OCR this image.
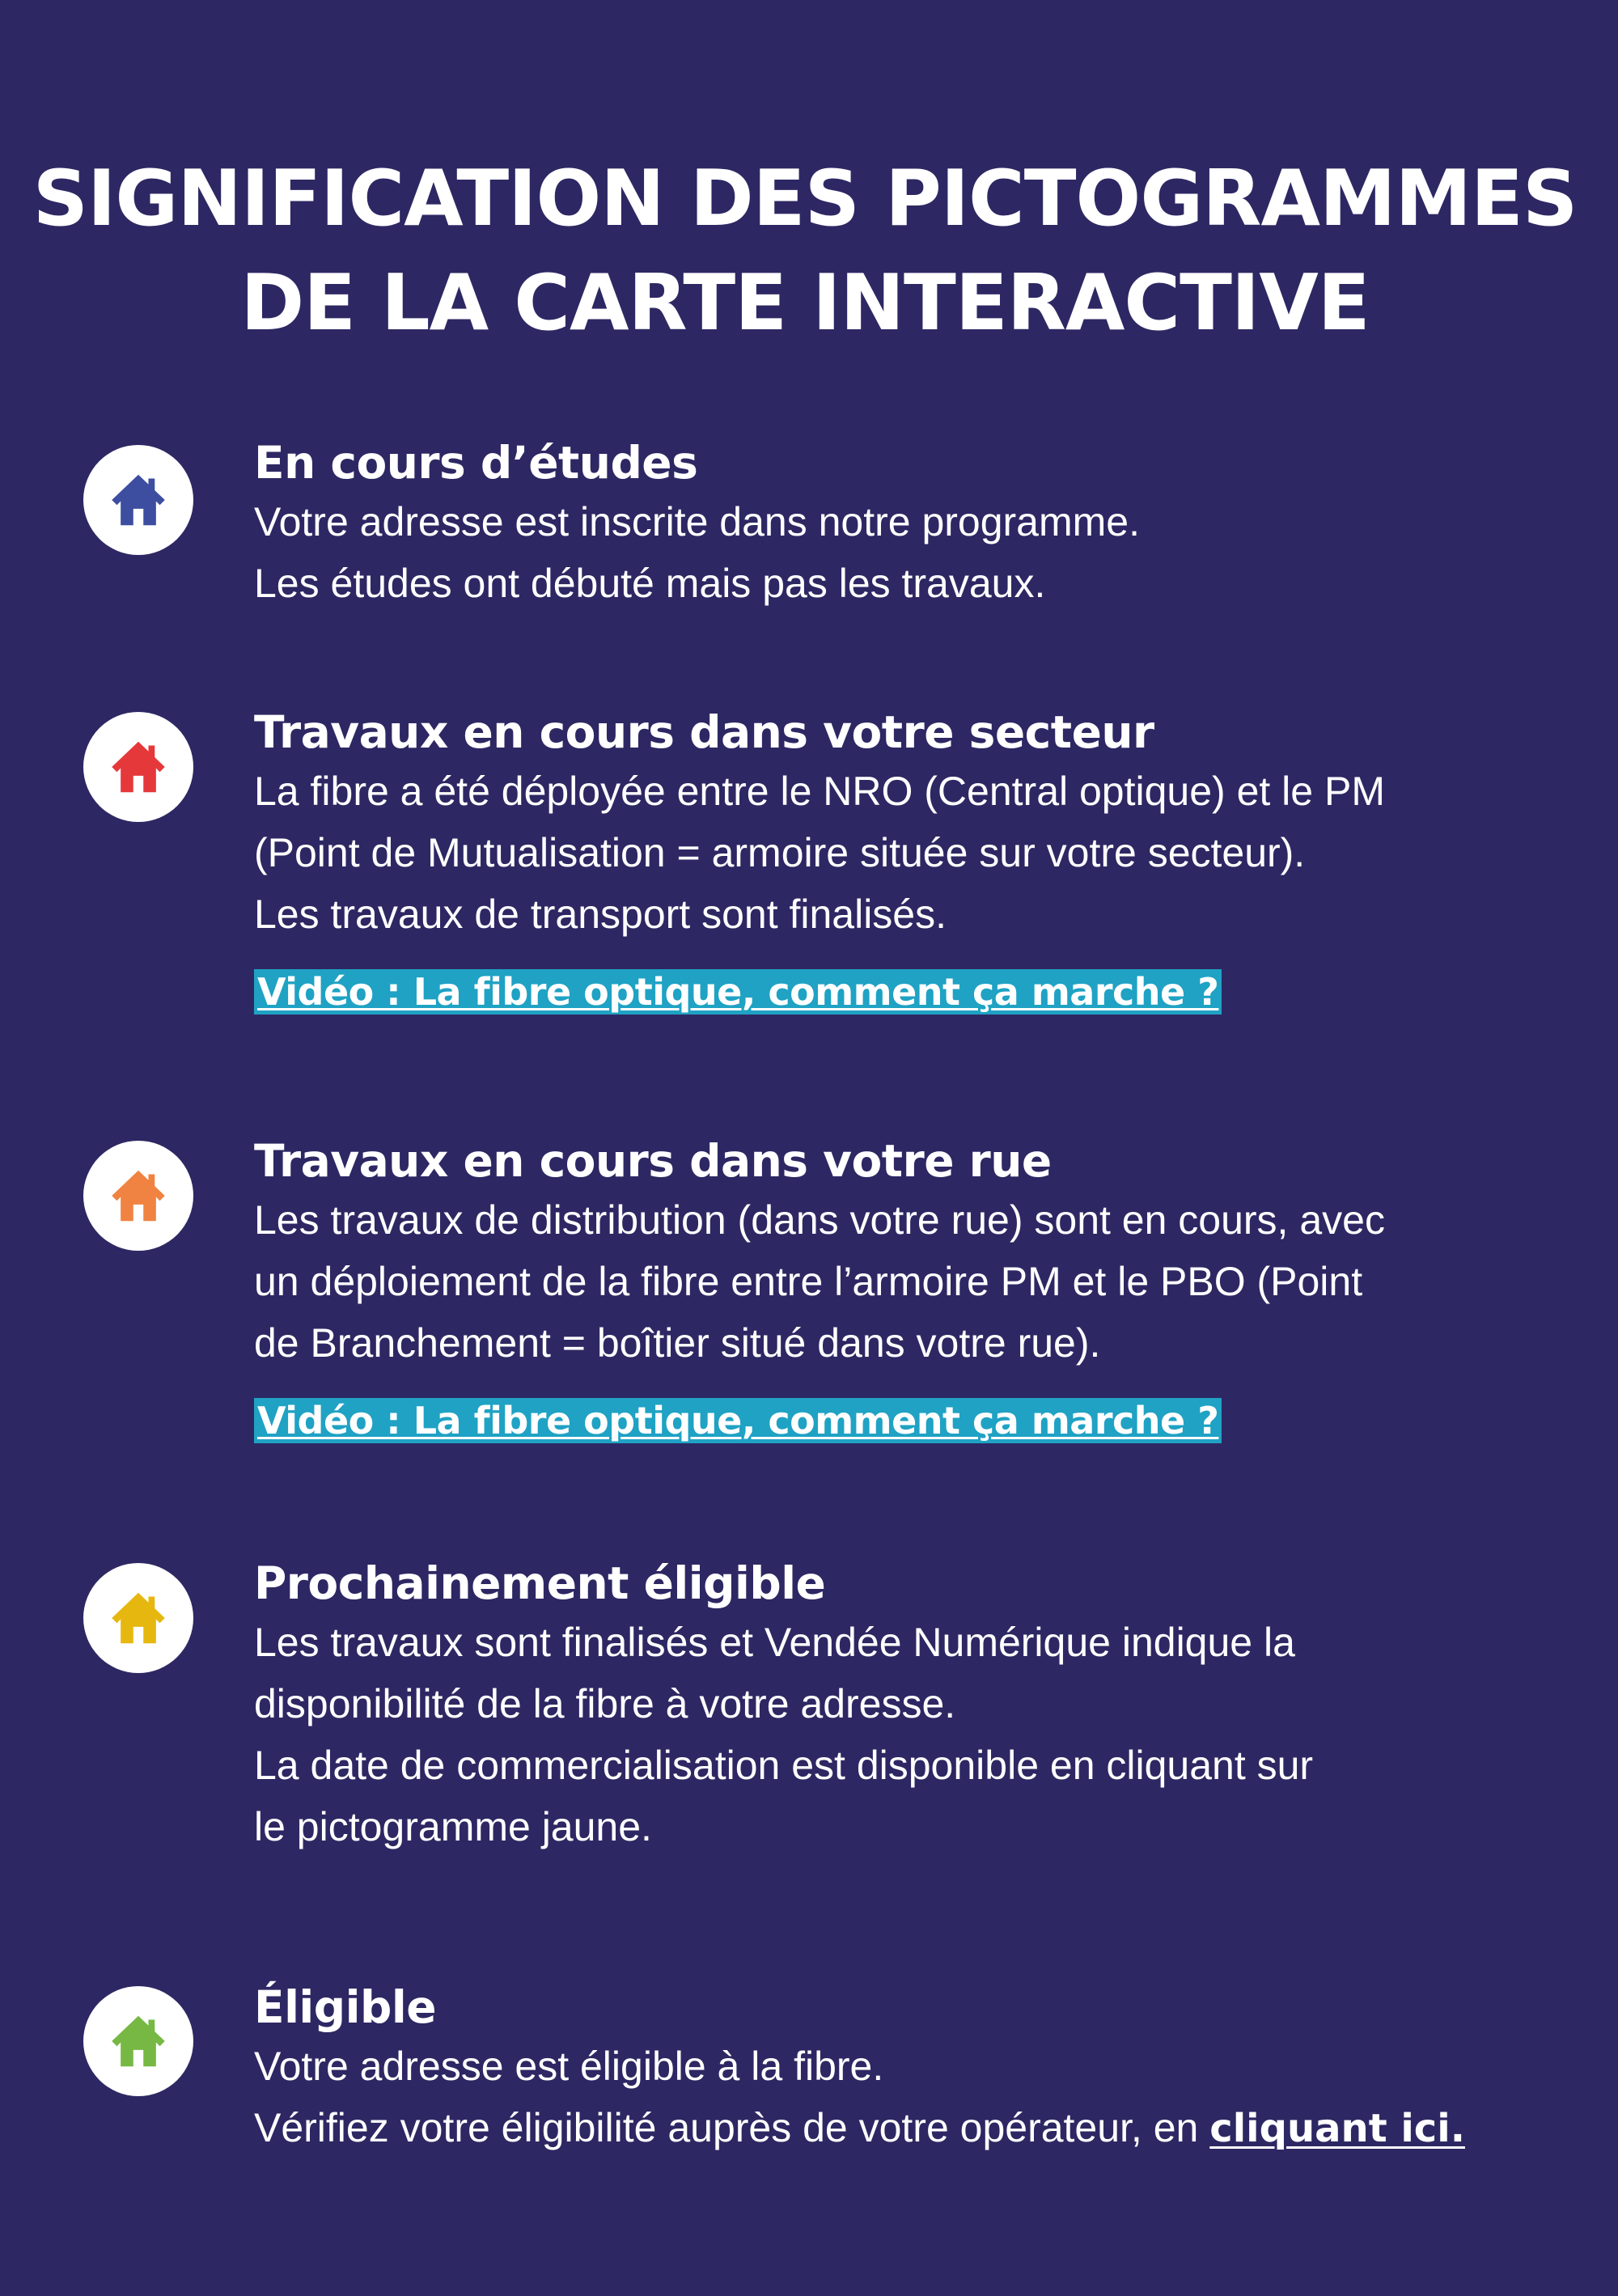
SIGNIFICATION DES PICTOGRAMMES
DE LA CARTE INTERACTIVE
En cours d’études
Votre adresse est inscrite dans notre programme.
Les études ont débuté mais pas les travaux.
Travaux en cours dans votre secteur
La fibre a été déployée entre le NRO (Central optique) et le PM
(Point de Mutualisation = armoire située sur votre secteur).
Les travaux de transport sont finalisés.
Vidéo : La fibre optique, comment ça marche ?
Travaux en cours dans votre rue
Les travaux de distribution (dans votre rue) sont en cours, avec
un déploiement de la fibre entre l’armoire PM et le PBO (Point
de Branchement = boîtier situé dans votre rue).
Vidéo : La fibre optique, comment ça marche ?
Prochainement éligible
Les travaux sont finalisés et Vendée Numérique indique la
disponibilité de la fibre à votre adresse.
La date de commercialisation est disponible en cliquant sur
le pictogramme jaune.
Éligible
Votre adresse est éligible à la fibre.
Vérifiez votre éligibilité auprès de votre opérateur, en cliquant ici.
